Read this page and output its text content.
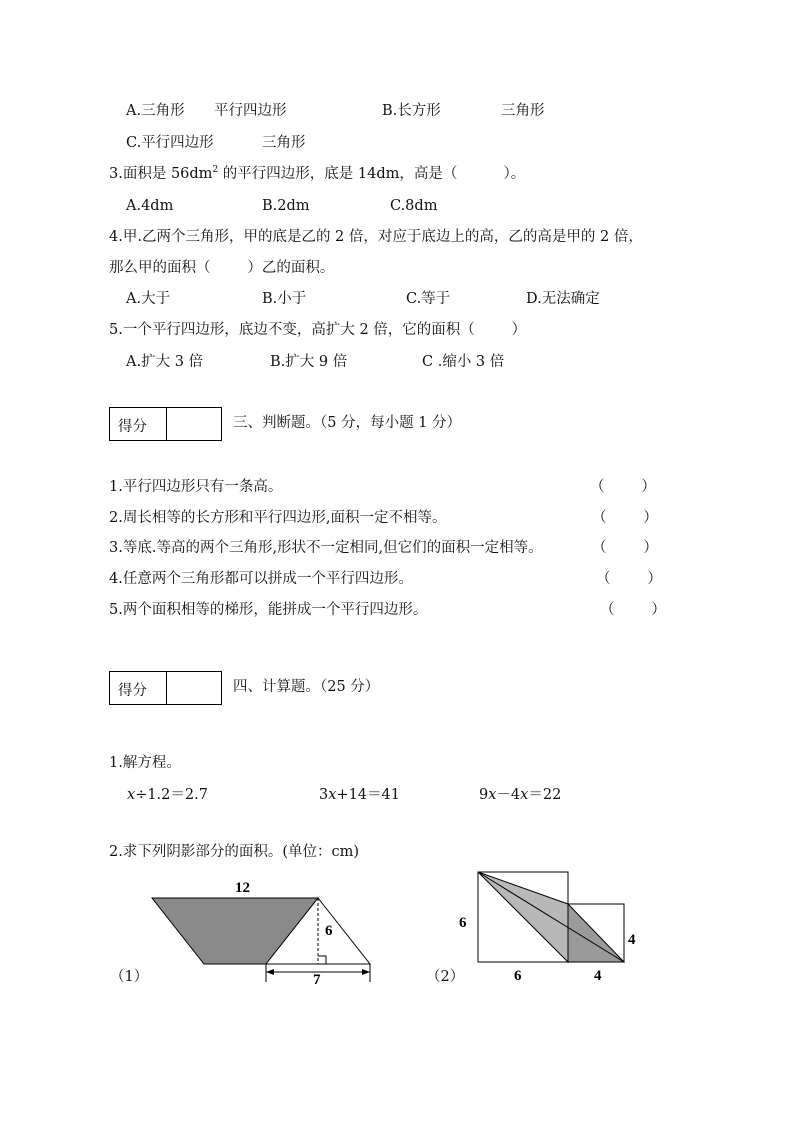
A.三角形 平行四边形	B.长方形	三角形
C.平行四边形	三角形
3.面积是 $56dm^2$ 的平行四边形，底是 14dm，高是（          ）。
A.4dm	B.2dm	C.8dm
4.甲.乙两个三角形，甲的底是乙的 2 倍，对应于底边上的高，乙的高是甲的 2 倍，
那么甲的面积（        ）乙的面积。
A.大于	B.小于	C.等于	D.无法确定
5.一个平行四边形，底边不变，高扩大 2 倍，它的面积（        ）
A.扩大 3 倍	B.扩大 9 倍	C .缩小 3 倍
得分	三、判断题。（5 分，每小题 1 分）
1.平行四边形只有一条高。	（        ）
2.周长相等的长方形和平行四边形,面积一定不相等。	（        ）
3.等底.等高的两个三角形,形状不一定相同,但它们的面积一定相等。	（        ）
4.任意两个三角形都可以拼成一个平行四边形。	（        ）
5.两个面积相等的梯形，能拼成一个平行四边形。	（        ）
得分	四、计算题。（25 分）
1.解方程。
x÷1.2＝2.7	3x+14＝41	9x－4x＝22
2.求下列阴影部分的面积。(单位：cm)
12
6
7
（1）
6
4
6	4
（2）
